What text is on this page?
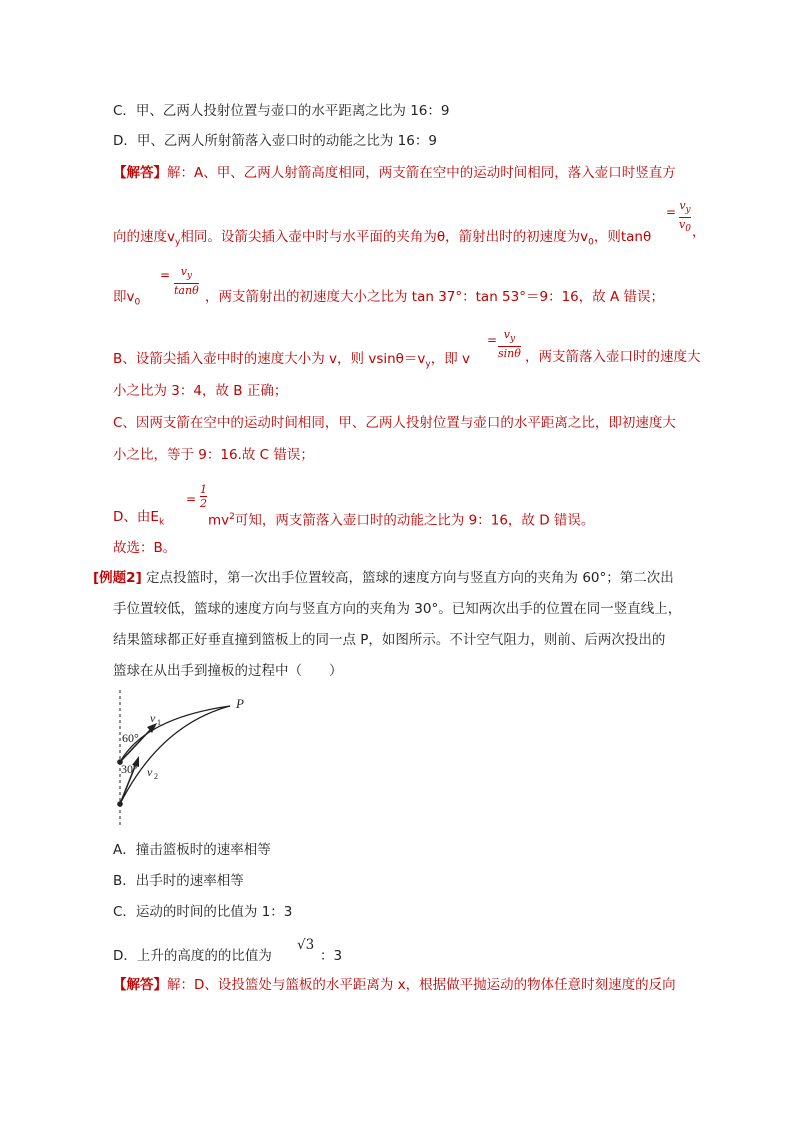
C．甲、乙两人投射位置与壶口的水平距离之比为 16：9
D．甲、乙两人所射箭落入壶口时的动能之比为 16：9
【解答】解：A、甲、乙两人射箭高度相同，两支箭在空中的运动时间相同，落入壶口时竖直方
向的速度$v_y$相同。设箭尖插入壶中时与水平面的夹角为θ，箭射出时的初速度为$v_0$，则tanθ
= $v_y$
$v_0$ ，
即$v_0$
= $v_y$
tanθ ，两支箭射出的初速度大小之比为 tan 37°：tan 53°＝9：16，故 A 错误；
B、设箭尖插入壶中时的速度大小为 v，则 $vsin\theta=v_y$，即 v
= $v_y$
sinθ ，两支箭落入壶口时的速度大
小之比为 3：4，故 B 正确；
C、因两支箭在空中的运动时间相同，甲、乙两人投射位置与壶口的水平距离之比，即初速度大
小之比，等于 9：16.故 C 错误；
D、由$E_k$
=
1
2
$mv^2$可知，两支箭落入壶口时的动能之比为 9：16，故 D 错误。
故选：B。
[例题2] 定点投篮时，第一次出手位置较高，篮球的速度方向与竖直方向的夹角为 60°；第二次出
手位置较低，篮球的速度方向与竖直方向的夹角为 30°。已知两次出手的位置在同一竖直线上，
结果篮球都正好垂直撞到篮板上的同一点 P，如图所示。不计空气阻力，则前、后两次投出的
篮球在从出手到撞板的过程中（　　）
P
v 1
v 2
60°
30°
A．撞击篮板时的速率相等
B．出手时的速率相等
C．运动的时间的比值为 1：3
D．上升的高度的的比值为
√3
：3
【解答】解：D、设投篮处与篮板的水平距离为 x，根据做平抛运动的物体任意时刻速度的反向
